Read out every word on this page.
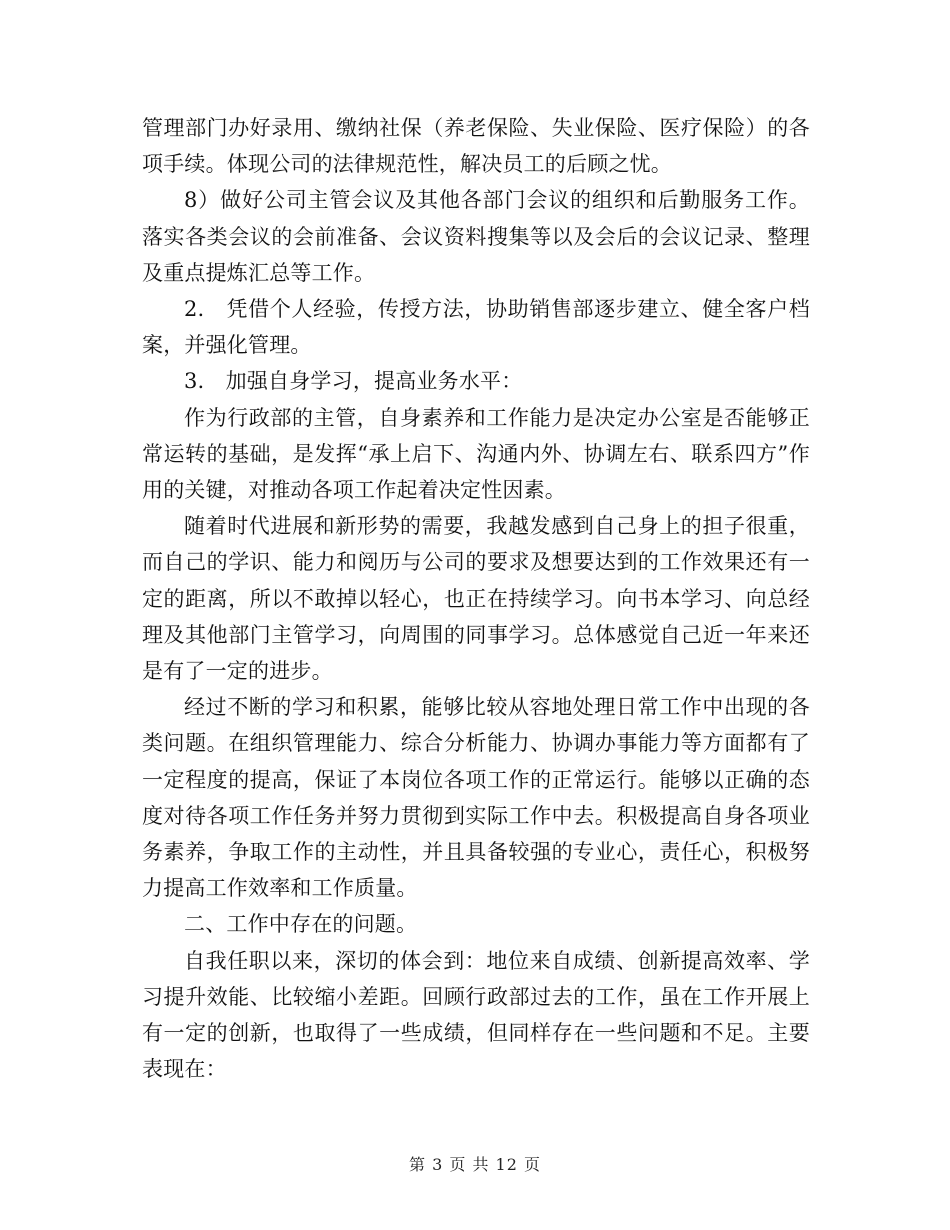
管理部门办好录用、缴纳社保（养老保险、失业保险、医疗保险）的各项手续。体现公司的法律规范性，解决员工的后顾之忧。

8）做好公司主管会议及其他各部门会议的组织和后勤服务工作。落实各类会议的会前准备、会议资料搜集等以及会后的会议记录、整理及重点提炼汇总等工作。

2.　凭借个人经验，传授方法，协助销售部逐步建立、健全客户档案，并强化管理。

3.　加强自身学习，提高业务水平：

作为行政部的主管，自身素养和工作能力是决定办公室是否能够正常运转的基础，是发挥“承上启下、沟通内外、协调左右、联系四方”作用的关键，对推动各项工作起着决定性因素。

随着时代进展和新形势的需要，我越发感到自己身上的担子很重，而自己的学识、能力和阅历与公司的要求及想要达到的工作效果还有一定的距离，所以不敢掉以轻心，也正在持续学习。向书本学习、向总经理及其他部门主管学习，向周围的同事学习。总体感觉自己近一年来还是有了一定的进步。

经过不断的学习和积累，能够比较从容地处理日常工作中出现的各类问题。在组织管理能力、综合分析能力、协调办事能力等方面都有了一定程度的提高，保证了本岗位各项工作的正常运行。能够以正确的态度对待各项工作任务并努力贯彻到实际工作中去。积极提高自身各项业务素养，争取工作的主动性，并且具备较强的专业心，责任心，积极努力提高工作效率和工作质量。

二、工作中存在的问题。

自我任职以来，深切的体会到：地位来自成绩、创新提高效率、学习提升效能、比较缩小差距。回顾行政部过去的工作，虽在工作开展上有一定的创新，也取得了一些成绩，但同样存在一些问题和不足。主要表现在：

第 3 页 共 12 页
